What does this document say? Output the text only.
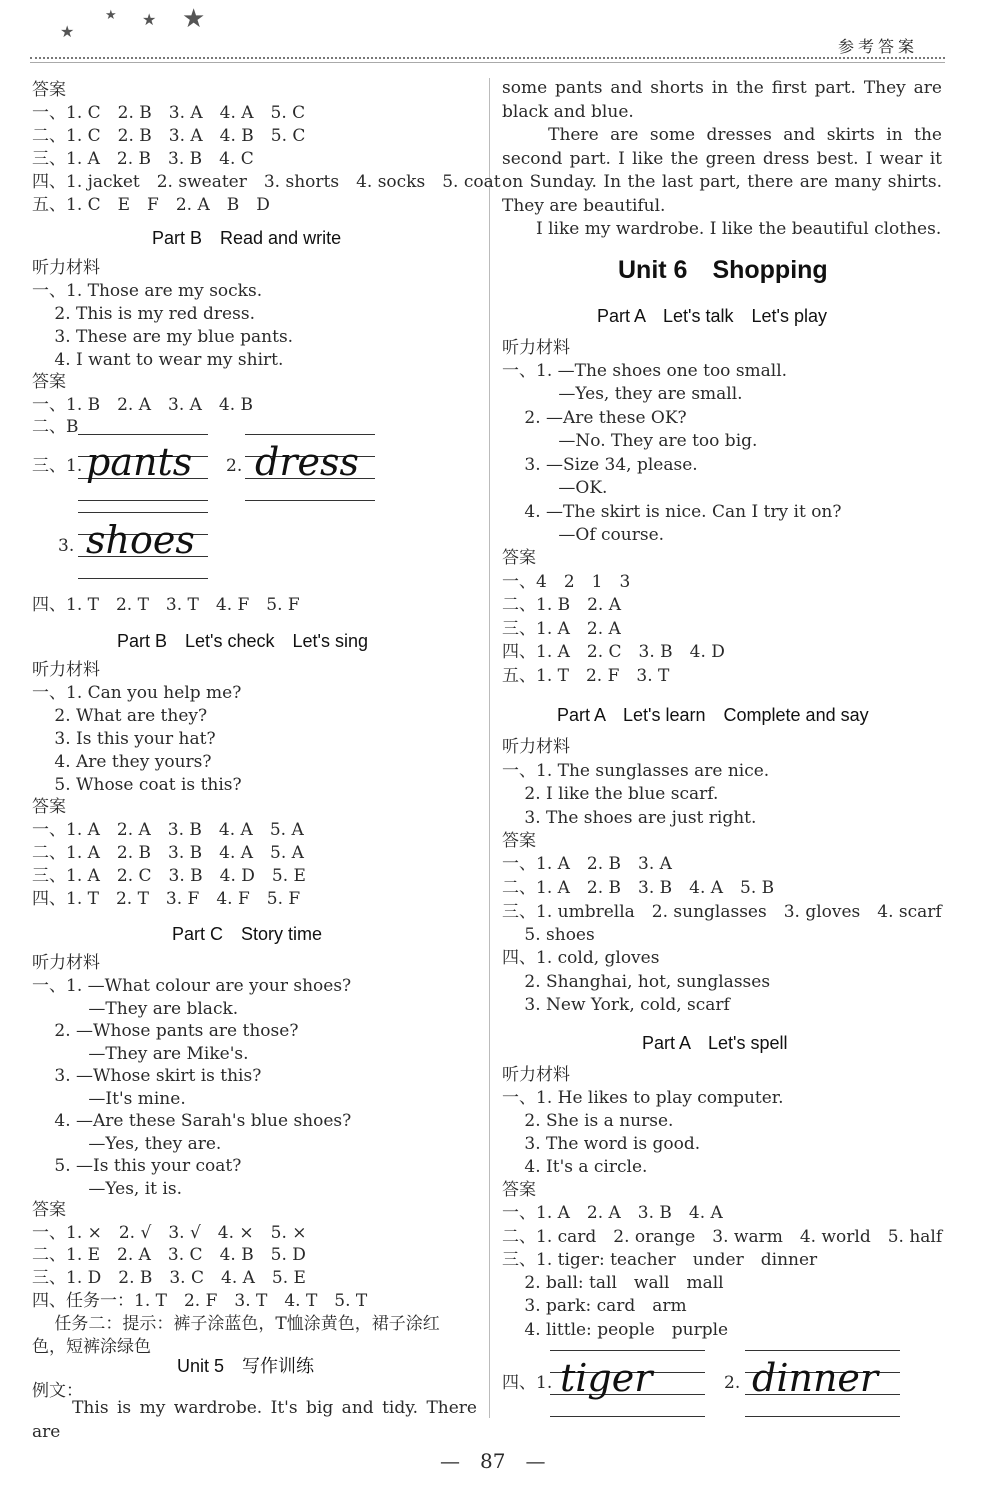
★
★ ★ ★
参考答案
答案
一、1. C　2. B　3. A　4. A　5. C
二、1. C　2. B　3. A　4. B　5. C
三、1. A　2. B　3. B　4. C
四、1. jacket　2. sweater　3. shorts　4. socks　5. coat
五、1. C　E　F　2. A　B　D
听力材料
一、1. Those are my socks.
　 2. This is my red dress.
　 3. These are my blue pants.
　 4. I want to wear my shirt.
答案
一、1. B　2. A　3. A　4. B
二、B
四、1. T　2. T　3. T　4. F　5. F
听力材料
一、1. Can you help me?
　 2. What are they?
　 3. Is this your hat?
　 4. Are they yours?
　 5. Whose coat is this?
答案
一、1. A　2. A　3. B　4. A　5. A
二、1. A　2. B　3. B　4. A　5. A
三、1. A　2. C　3. B　4. D　5. E
四、1. T　2. T　3. F　4. F　5. F
听力材料
一、1. —What colour are your shoes?
　　　 —They are black.
　 2. —Whose pants are those?
　　　 —They are Mike's.
　 3. —Whose skirt is this?
　　　 —It's mine.
　 4. —Are these Sarah's blue shoes?
　　　 —Yes, they are.
　 5. —Is this your coat?
　　　 —Yes, it is.
答案
一、1. ×　2. √　3. √　4. ×　5. ×
二、1. E　2. A　3. C　4. B　5. D
三、1. D　2. B　3. C　4. A　5. E
四、任务一：1. T　2. F　3. T　4. T　5. T
　 任务二：提示：裤子涂蓝色，T恤涂黄色，裙子涂红
色，短裤涂绿色
例文：
Part B　Read and write
Part B　Let's check　Let's sing
Part C　Story time
Unit 5　写作训练
听力材料
一、1. —The shoes one too small.
　　　 —Yes, they are small.
　 2. —Are these OK?
　　　 —No. They are too big.
　 3. —Size 34, please.
　　　 —OK.
　 4. —The skirt is nice. Can I try it on?
　　　 —Of course.
答案
一、4　2　1　3
二、1. B　2. A
三、1. A　2. A
四、1. A　2. C　3. B　4. D
五、1. T　2. F　3. T
听力材料
一、1. The sunglasses are nice.
　 2. I like the blue scarf.
　 3. The shoes are just right.
答案
一、1. A　2. B　3. A
二、1. A　2. B　3. B　4. A　5. B
三、1. umbrella　2. sunglasses　3. gloves　4. scarf
　 5. shoes
四、1. cold, gloves
　 2. Shanghai, hot, sunglasses
　 3. New York, cold, scarf
听力材料
一、1. He likes to play computer.
　 2. She is a nurse.
　 3. The word is good.
　 4. It's a circle.
答案
一、1. A　2. A　3. B　4. A
二、1. card　2. orange　3. warm　4. world　5. half
三、1. tiger: teacher　under　dinner
　 2. ball: tall　wall　mall
　 3. park: card　arm
　 4. little: people　purple
Part A　Let's talk　Let's play
Part A　Let's learn　Complete and say
Part A　Let's spell
三、1. pants 2. dress
3. shoes
四、1. tiger	2. dinner
　　This is my wardrobe. It's big and tidy. There are
some pants and shorts in the first part. They are black and blue.
　　There are some dresses and skirts in the second part. I like the green dress best. I wear it on Sunday. In the last part, there are many shirts. They are beautiful.
　　I like my wardrobe. I like the beautiful clothes.
Unit 6　Shopping
—　87　—
